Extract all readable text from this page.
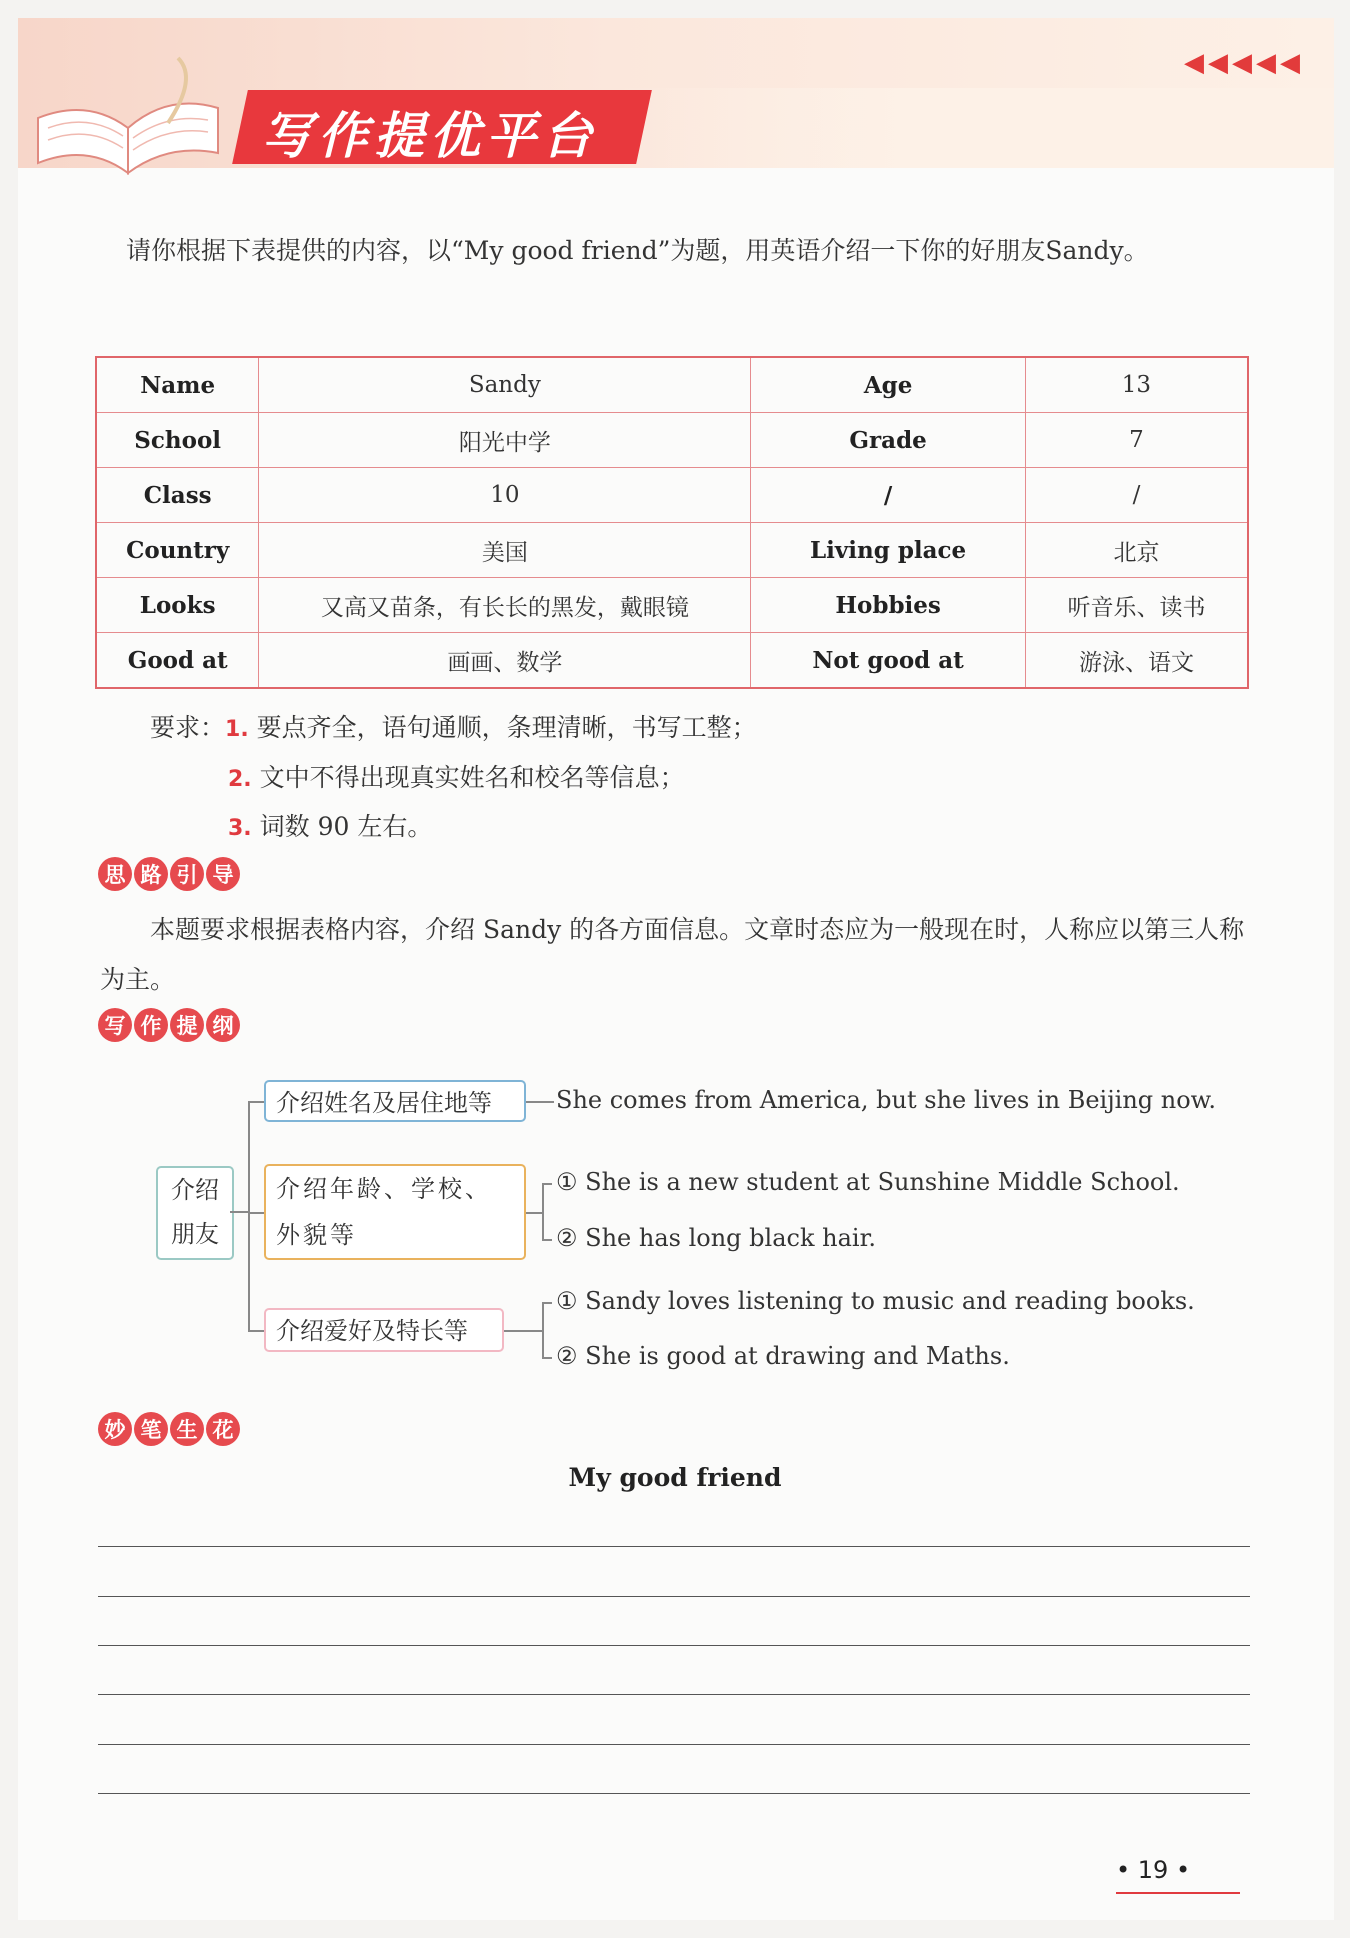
写作提优平台
◀◀◀◀◀
请你根据下表提供的内容，以“My good friend”为题，用英语介绍一下你的好朋友Sandy。
Name	Sandy	Age	13
School	阳光中学	Grade	7
Class	10	/	/
Country	美国	Living place	北京
Looks	又高又苗条，有长长的黑发，戴眼镜	Hobbies	听音乐、读书
Good at	画画、数学	Not good at	游泳、语文
要求：1. 要点齐全，语句通顺，条理清晰，书写工整；
2. 文中不得出现真实姓名和校名等信息；
3. 词数 90 左右。
思 路 引 导
本题要求根据表格内容，介绍 Sandy 的各方面信息。文章时态应为一般现在时，人称应以第三人称为主。
写 作 提 纲
介绍
朋友
介绍姓名及居住地等
介绍年龄、学校、外貌等
介绍爱好及特长等
She comes from America, but she lives in Beijing now.
① She is a new student at Sunshine Middle School.
② She has long black hair.
① Sandy loves listening to music and reading books.
② She is good at drawing and Maths.
妙 笔 生 花
My good friend
• 19 •
